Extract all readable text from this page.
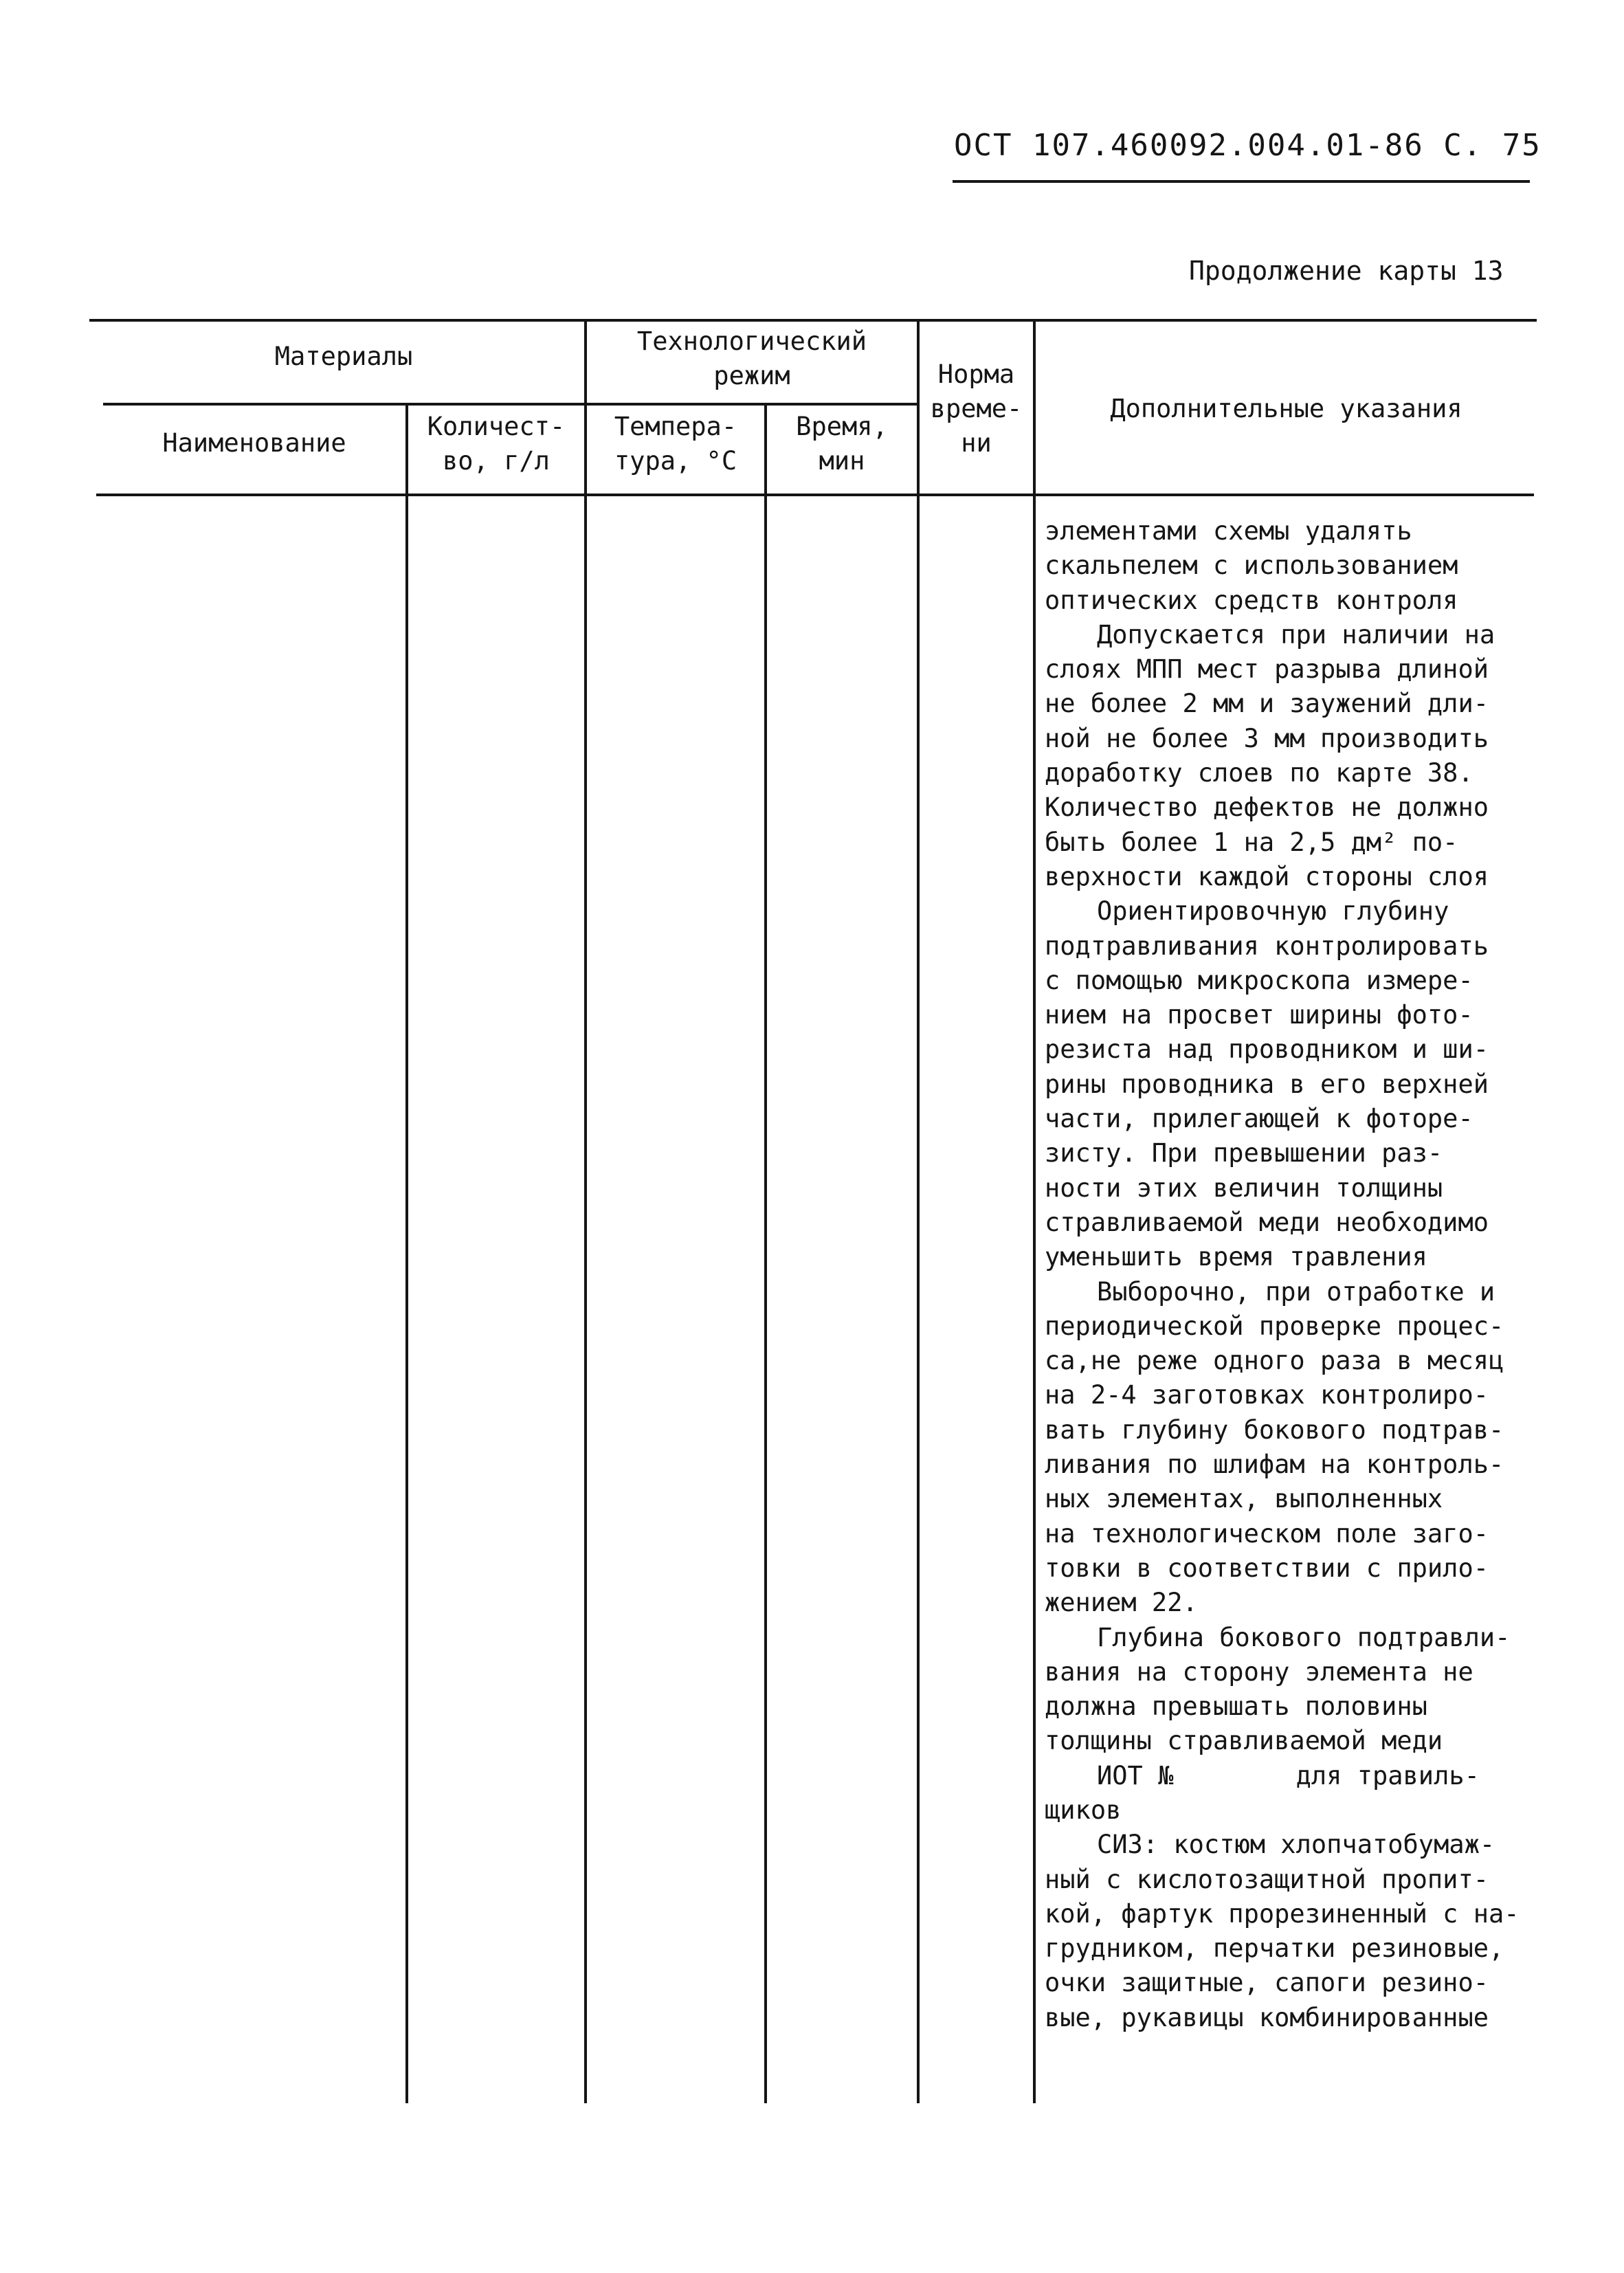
ОСТ 107.460092.004.01-86 С. 75
Продолжение карты 13
Материалы
Наименование
Количест-
во, г/л
Технологический
режим
Темпера-
тура, °C
Время,
мин
Норма
време-
ни
Дополнительные указания
элементами схемы удалять
скальпелем с использованием
оптических средств контроля
Допускается при наличии на
слоях МПП мест разрыва длиной
не более 2 мм и заужений дли-
ной не более 3 мм производить
доработку слоев по карте 38.
Количество дефектов не должно
быть более 1 на 2,5 дм² по-
верхности каждой стороны слоя
Ориентировочную глубину
подтравливания контролировать
с помощью микроскопа измере-
нием на просвет ширины фото-
резиста над проводником и ши-
рины проводника в его верхней
части, прилегающей к фоторе-
зисту. При превышении раз-
ности этих величин толщины
стравливаемой меди необходимо
уменьшить время травления
Выборочно, при отработке и
периодической проверке процес-
са,не реже одного раза в месяц
на 2-4 заготовках контролиро-
вать глубину бокового подтрав-
ливания по шлифам на контроль-
ных элементах, выполненных
на технологическом поле заго-
товки в соответствии с прило-
жением 22.
Глубина бокового подтравли-
вания на сторону элемента не
должна превышать половины
толщины стравливаемой меди
ИОТ №        для травиль-
щиков
СИЗ: костюм хлопчатобумаж-
ный с кислотозащитной пропит-
кой, фартук прорезиненный с на-
грудником, перчатки резиновые,
очки защитные, сапоги резино-
вые, рукавицы комбинированные
